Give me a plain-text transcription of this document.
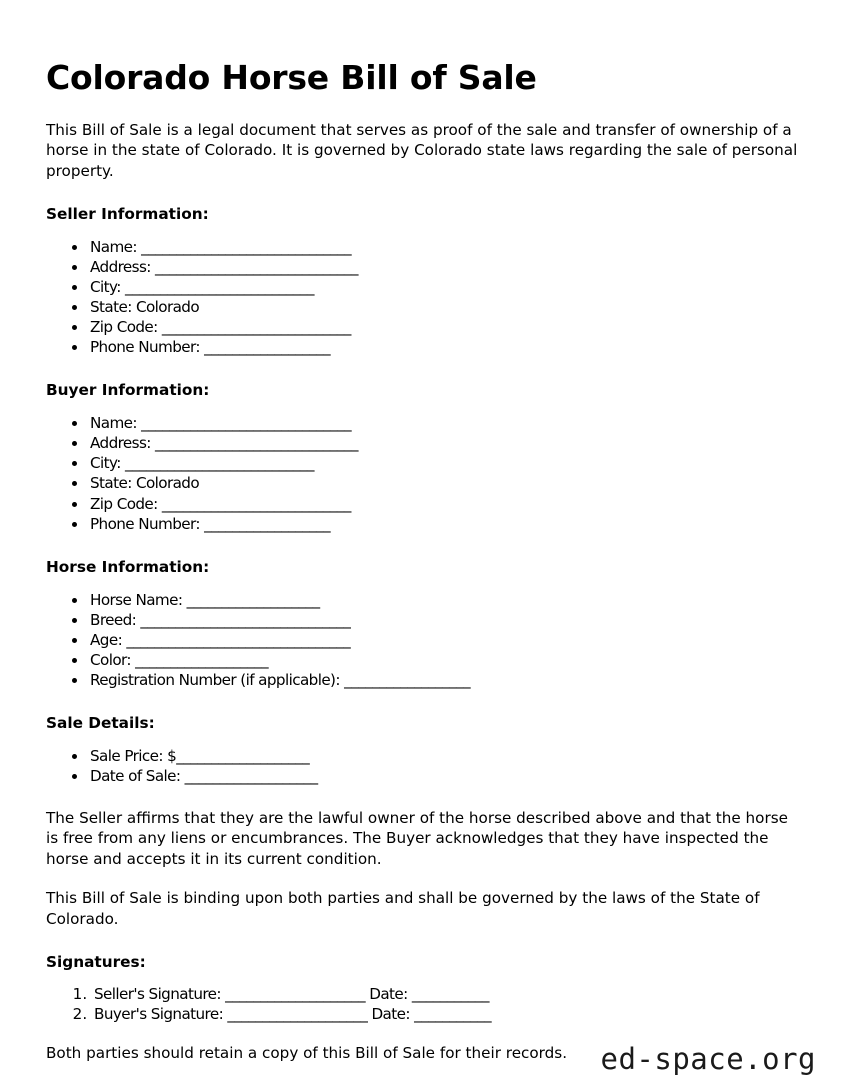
Colorado Horse Bill of Sale

This Bill of Sale is a legal document that serves as proof of the sale and transfer of ownership of a horse in the state of Colorado. It is governed by Colorado state laws regarding the sale of personal property.

Seller Information:
• Name: ______________________________
• Address: _____________________________
• City: ___________________________
• State: Colorado
• Zip Code: ___________________________
• Phone Number: __________________
Buyer Information:
• Name: ______________________________
• Address: _____________________________
• City: ___________________________
• State: Colorado
• Zip Code: ___________________________
• Phone Number: __________________
Horse Information:
• Horse Name: ___________________
• Breed: ______________________________
• Age: ________________________________
• Color: ___________________
• Registration Number (if applicable): __________________
Sale Details:
• Sale Price: $___________________
• Date of Sale: ___________________

The Seller affirms that they are the lawful owner of the horse described above and that the horse is free from any liens or encumbrances. The Buyer acknowledges that they have inspected the horse and accepts it in its current condition.

This Bill of Sale is binding upon both parties and shall be governed by the laws of the State of Colorado.

Signatures:
1. Seller's Signature: ____________________ Date: ___________
2. Buyer's Signature: ____________________ Date: ___________

Both parties should retain a copy of this Bill of Sale for their records.	ed-space.org
